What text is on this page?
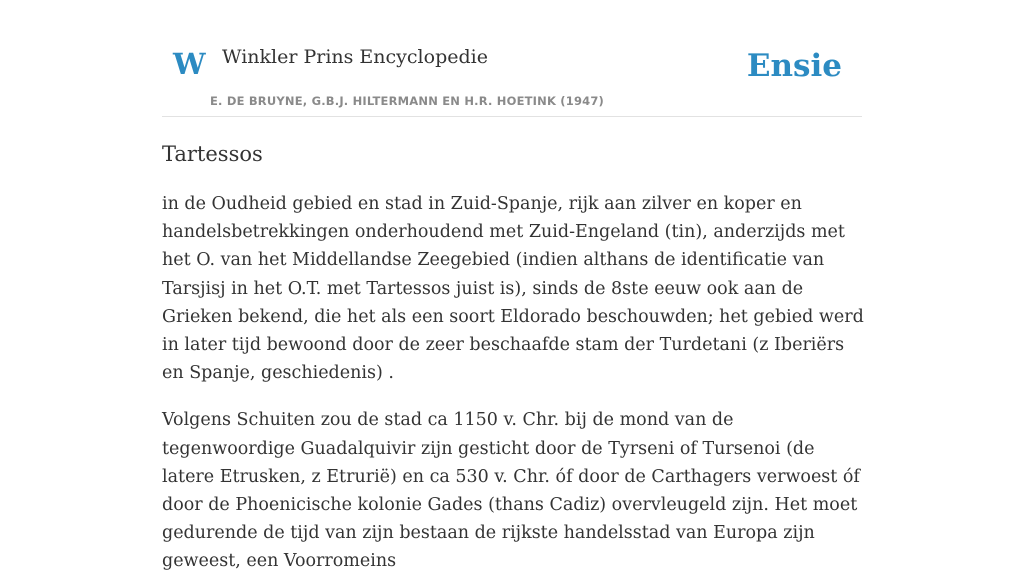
W Winkler Prins Encyclopedie
E. DE BRUYNE, G.B.J. HILTERMANN EN H.R. HOETINK (1947)
Ensie
Tartessos

in de Oudheid gebied en stad in Zuid-Spanje, rijk aan zilver en koper en handelsbetrekkingen onderhoudend met Zuid-Engeland (tin), anderzijds met het O. van het Middellandse Zeegebied (indien althans de identificatie van Tarsjisj in het O.T. met Tartessos juist is), sinds de 8ste eeuw ook aan de Grieken bekend, die het als een soort Eldorado beschouwden; het gebied werd in later tijd bewoond door de zeer beschaafde stam der Turdetani (z Iberiërs en Spanje, geschiedenis) .

Volgens Schuiten zou de stad ca 1150 v. Chr. bij de mond van de tegenwoordige Guadalquivir zijn gesticht door de Tyrseni of Tursenoi (de latere Etrusken, z Etrurië) en ca 530 v. Chr. óf door de Carthagers verwoest óf door de Phoenicische kolonie Gades (thans Cadiz) overvleugeld zijn. Het moet gedurende de tijd van zijn bestaan de rijkste handelsstad van Europa zijn geweest, een Voorromeins
